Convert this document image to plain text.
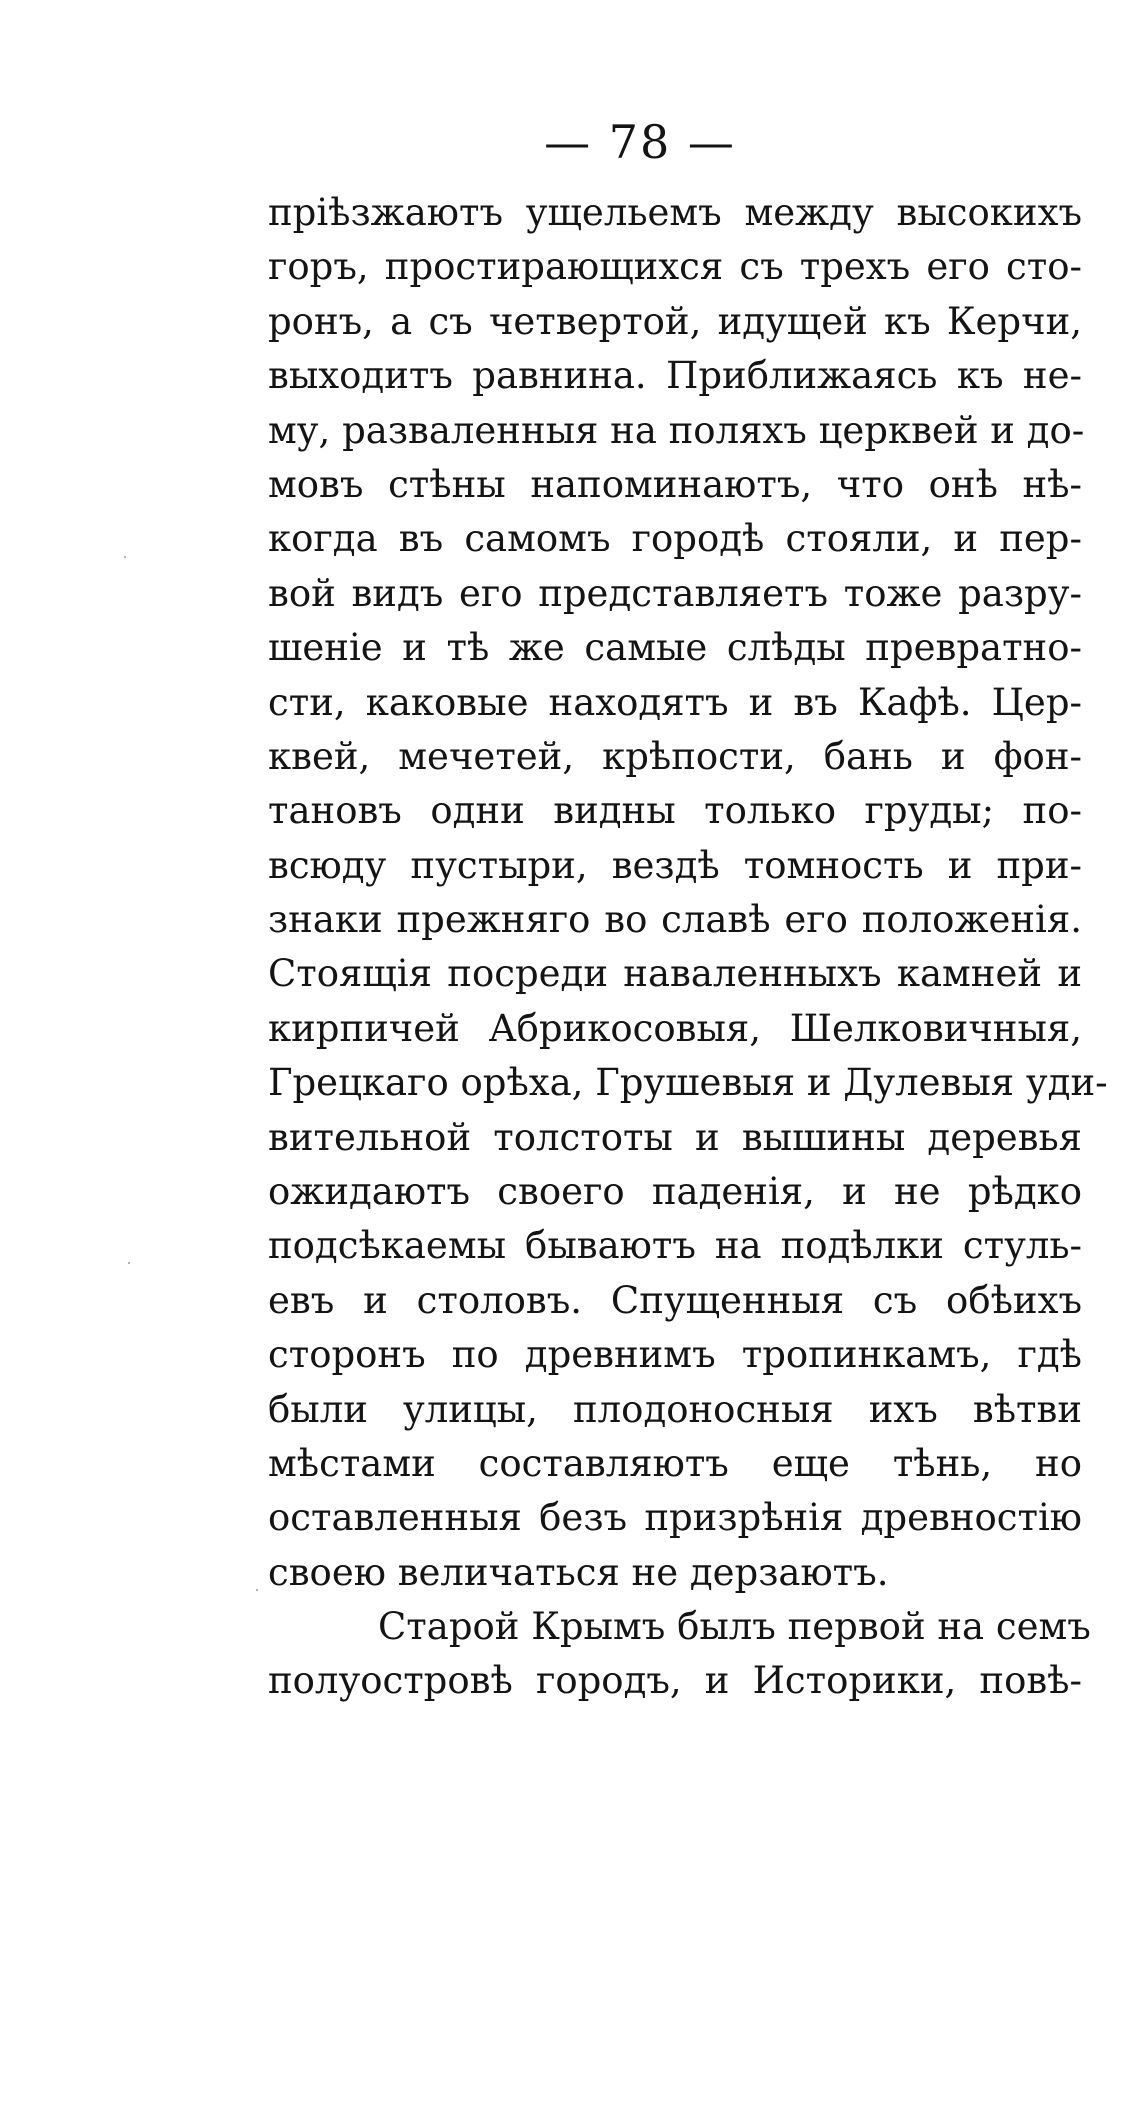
— 78 —
пріѣзжаютъ ущельемъ между высокихъ
горъ, простирающихся съ трехъ его сто-
ронъ, а съ четвертой, идущей къ Керчи,
выходитъ равнина. Приближаясь къ не-
му, разваленныя на поляхъ церквей и до-
мовъ стѣны напоминаютъ, что онѣ нѣ-
когда въ самомъ городѣ стояли, и пер-
вой видъ его представляетъ тоже разру-
шеніе и тѣ же самые слѣды превратно-
сти, каковые находятъ и въ Кафѣ. Цер-
квей, мечетей, крѣпости, бань и фон-
тановъ одни видны только груды; по-
всюду пустыри, вездѣ томность и при-
знаки прежняго во славѣ его положенія.
Стоящія посреди наваленныхъ камней и
кирпичей Абрикосовыя, Шелковичныя,
Грецкаго орѣха, Грушевыя и Дулевыя уди-
вительной толстоты и вышины деревья
ожидаютъ своего паденія, и не рѣдко
подсѣкаемы бываютъ на подѣлки стуль-
евъ и столовъ. Спущенныя съ обѣихъ
сторонъ по древнимъ тропинкамъ, гдѣ
были улицы, плодоносныя ихъ вѣтви
мѣстами составляютъ еще тѣнь, но
оставленныя безъ призрѣнія древностію
своею величаться не дерзаютъ.
Старой Крымъ былъ первой на семъ
полуостровѣ городъ, и Историки, повѣ-
